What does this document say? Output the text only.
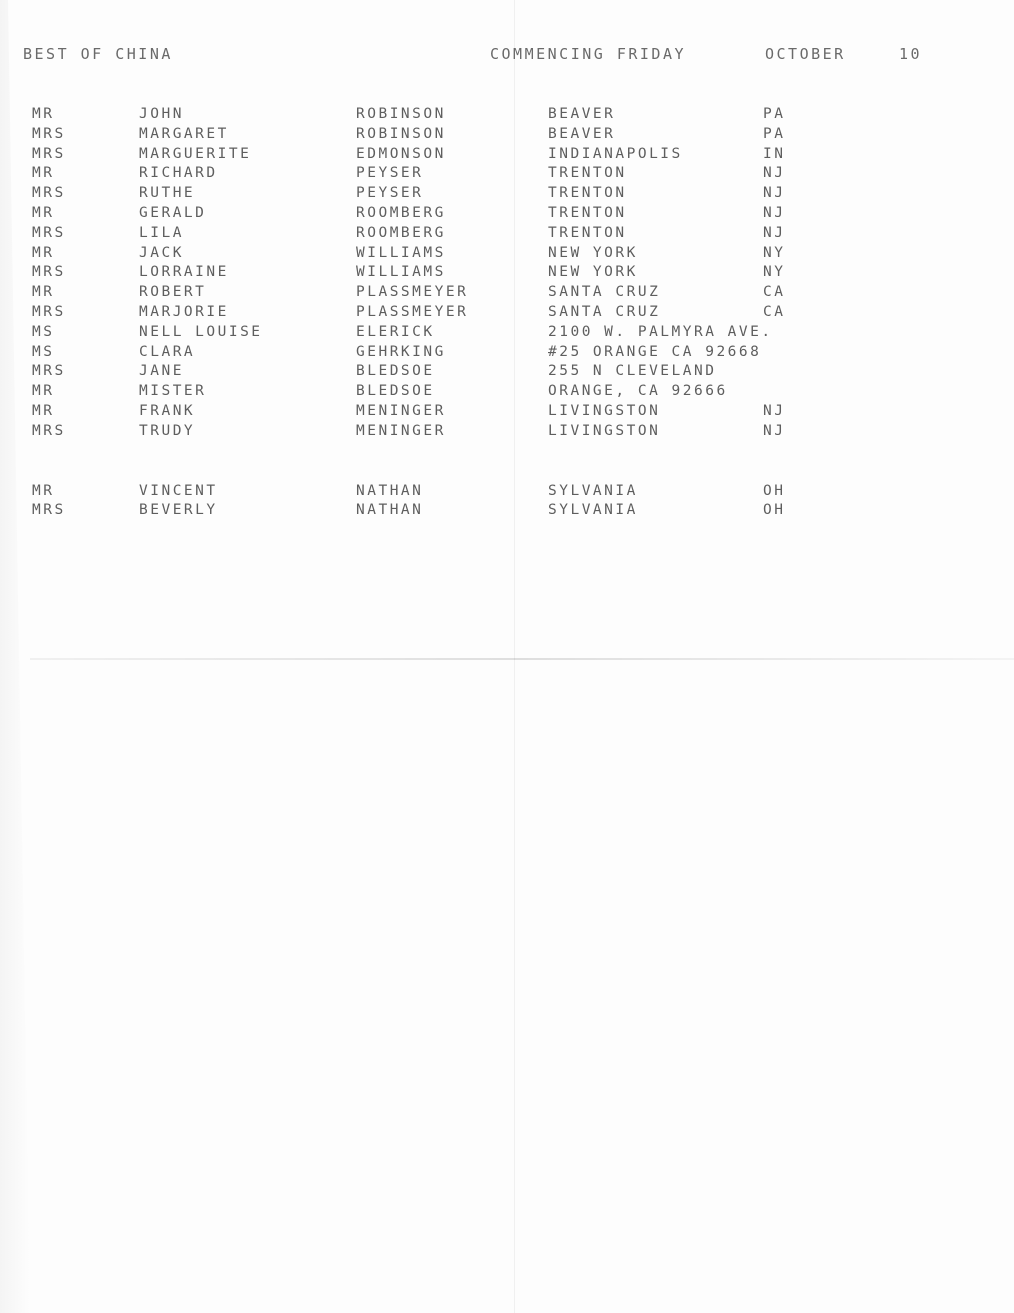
BEST OF CHINA	COMMENCING FRIDAY	OCTOBER	10
MR	JOHN	ROBINSON	BEAVER	PA
MRS	MARGARET	ROBINSON	BEAVER	PA
MRS	MARGUERITE	EDMONSON	INDIANAPOLIS	IN
MR	RICHARD	PEYSER	TRENTON	NJ
MRS	RUTHE	PEYSER	TRENTON	NJ
MR	GERALD	ROOMBERG	TRENTON	NJ
MRS	LILA	ROOMBERG	TRENTON	NJ
MR	JACK	WILLIAMS	NEW YORK	NY
MRS	LORRAINE	WILLIAMS	NEW YORK	NY
MR	ROBERT	PLASSMEYER	SANTA CRUZ	CA
MRS	MARJORIE	PLASSMEYER	SANTA CRUZ	CA
MS	NELL LOUISE	ELERICK	2100 W. PALMYRA AVE.
MS	CLARA	GEHRKING	#25 ORANGE CA 92668
MRS	JANE	BLEDSOE	255 N CLEVELAND
MR	MISTER	BLEDSOE	ORANGE, CA 92666
MR	FRANK	MENINGER	LIVINGSTON	NJ
MRS	TRUDY	MENINGER	LIVINGSTON	NJ
MR	VINCENT	NATHAN	SYLVANIA	OH
MRS	BEVERLY	NATHAN	SYLVANIA	OH
